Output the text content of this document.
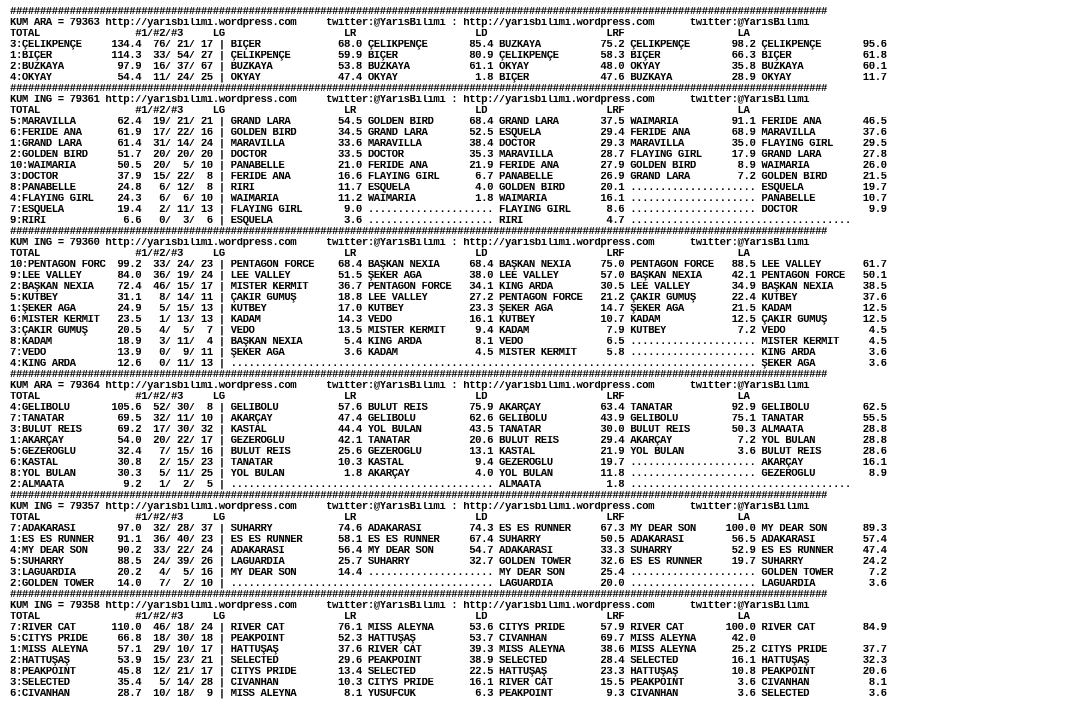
#########################################################################################################################################
KUM ARA = 79363 http://yarisbilimi.wordpress.com     twitter:@YarisBilimi : http://yarisbilimi.wordpress.com      twitter:@YarisBilimi
TOTAL                #1/#2/#3     LG                    LR                    LD                    LRF                   LA
3:ÇELİKPENÇE     134.4  76/ 21/ 17 | BIÇER             68.0 ÇELİKPENÇE       85.4 BUZKAYA          75.2 ÇELİKPENÇE       98.2 ÇELİKPENÇE       95.6
1:BIÇER          114.3  33/ 54/ 27 | ÇELİKPENÇE        59.9 BIÇER            80.9 ÇELİKPENÇE       58.3 BIÇER            66.3 BIÇER            61.8
2:BUZKAYA         97.9  16/ 37/ 67 | BUZKAYA           53.8 BUZKAYA          61.1 OKYAY            48.0 OKYAY            35.8 BUZKAYA          60.1
4:OKYAY           54.4  11/ 24/ 25 | OKYAY             47.4 OKYAY             1.8 BIÇER            47.6 BUZKAYA          28.9 OKYAY            11.7
#########################################################################################################################################
KUM ING = 79361 http://yarisbilimi.wordpress.com     twitter:@YarisBilimi : http://yarisbilimi.wordpress.com      twitter:@YarisBilimi
TOTAL                #1/#2/#3     LG                    LR                    LD                    LRF                   LA
5:MARAVILLA       62.4  19/ 21/ 21 | GRAND LARA        54.5 GOLDEN BIRD      68.4 GRAND LARA       37.5 WAIMARIA         91.1 FERİDE ANA       46.5
6:FERİDE ANA      61.9  17/ 22/ 16 | GOLDEN BIRD       34.5 GRAND LARA       52.5 ESQUELA          29.4 FERİDE ANA       68.9 MARAVILLA        37.6
1:GRAND LARA      61.4  31/ 14/ 24 | MARAVILLA         33.6 MARAVILLA        38.4 DOCTOR           29.3 MARAVILLA        35.0 FLAYING GIRL     29.5
2:GOLDEN BIRD     51.7  20/ 20/ 20 | DOCTOR            33.5 DOCTOR           35.3 MARAVILLA        28.7 FLAYING GIRL     17.9 GRAND LARA       27.8
10:WAIMARIA       50.5  20/  5/ 10 | PANABELLE         21.0 FERİDE ANA       21.9 FERİDE ANA       27.9 GOLDEN BIRD       8.9 WAIMARIA         26.0
3:DOCTOR          37.9  15/ 22/  8 | FERİDE ANA        16.6 FLAYING GIRL      6.7 PANABELLE        26.9 GRAND LARA        7.2 GOLDEN BIRD      21.5
8:PANABELLE       24.8   6/ 12/  8 | RIRI              11.7 ESQUELA           4.0 GOLDEN BIRD      20.1 ..................... ESQUELA          19.7
4:FLAYING GIRL    24.3   6/  6/ 10 | WAIMARIA          11.2 WAIMARIA          1.8 WAIMARIA         16.1 ..................... PANABELLE        10.7
7:ESQUELA         19.4   2/ 11/ 13 | FLAYING GIRL       9.0 ..................... FLAYING GIRL      8.6 ..................... DOCTOR            9.9
9:RIRI             6.6   0/  3/  6 | ESQUELA            3.6 ..................... RIRI              4.7 .....................................
#########################################################################################################################################
KUM ING = 79360 http://yarisbilimi.wordpress.com     twitter:@YarisBilimi : http://yarisbilimi.wordpress.com      twitter:@YarisBilimi
TOTAL                #1/#2/#3     LG                    LR                    LD                    LRF                   LA
10:PENTAGON FORC  99.2  33/ 24/ 23 | PENTAGON FORCE    68.4 BAŞKAN NEXIA     68.4 BAŞKAN NEXIA     75.0 PENTAGON FORCE   88.5 LEE VALLEY       61.7
9:LEE VALLEY      84.0  36/ 19/ 24 | LEE VALLEY        51.5 ŞEKER AĞA        38.0 LEE VALLEY       57.0 BAŞKAN NEXIA     42.1 PENTAGON FORCE   50.1
2:BAŞKAN NEXIA    72.4  46/ 15/ 17 | MISTER KERMİT     36.7 PENTAGON FORCE   34.1 KING ARDA        30.5 LEE VALLEY       34.9 BAŞKAN NEXIA     38.5
5:KUTBEY          31.1   8/ 14/ 11 | ÇAKIR GÜMÜŞ       18.8 LEE VALLEY       27.2 PENTAGON FORCE   21.2 ÇAKIR GÜMÜŞ      22.4 KUTBEY           37.6
1:ŞEKER AĞA       24.9   5/ 15/ 13 | KUTBEY            17.0 KUTBEY           23.3 ŞEKER AĞA        14.7 ŞEKER AĞA        21.5 KADAM            12.5
6:MISTER KERMİT   23.5   1/ 13/ 13 | KADAM             14.3 VEDO             16.1 KUTBEY           10.7 KADAM            12.5 ÇAKIR GÜMÜŞ      12.5
3:ÇAKIR GÜMÜŞ     20.5   4/  5/  7 | VEDO              13.5 MISTER KERMİT     9.4 KADAM             7.9 KUTBEY            7.2 VEDO              4.5
8:KADAM           18.9   3/ 11/  4 | BAŞKAN NEXIA       5.4 KING ARDA         8.1 VEDO              6.5 ..................... MISTER KERMİT     4.5
7:VEDO            13.9   0/  9/ 11 | ŞEKER AĞA          3.6 KADAM             4.5 MISTER KERMİT     5.8 ..................... KING ARDA         3.6
4:KING ARDA       12.6   0/ 11/ 13 | ........................................................................................ ŞEKER AĞA         3.6
#########################################################################################################################################
KUM ARA = 79364 http://yarisbilimi.wordpress.com     twitter:@YarisBilimi : http://yarisbilimi.wordpress.com      twitter:@YarisBilimi
TOTAL                #1/#2/#3     LG                    LR                    LD                    LRF                   LA
4:GELİBOLU       105.6  52/ 30/  8 | GELİBOLU          57.6 BULUT REİS       75.9 AKARÇAY          63.4 TANATAR          92.9 GELİBOLU         62.5
7:TANATAR         69.5  32/ 11/ 10 | AKARÇAY           47.4 GELİBOLU         62.6 GELİBOLU         43.9 GELİBOLU         75.1 TANATAR          55.5
3:BULUT REİS      69.2  17/ 30/ 32 | KASTAL            44.4 YOL BULAN        43.5 TANATAR          30.0 BULUT REİS       50.3 ALMAATA          28.8
1:AKARÇAY         54.0  20/ 22/ 17 | GEZEROĞLU         42.1 TANATAR          20.6 BULUT REİS       29.4 AKARÇAY           7.2 YOL BULAN        28.8
5:GEZEROĞLU       32.4   7/ 15/ 16 | BULUT REİS        25.6 GEZEROĞLU        13.1 KASTAL           21.9 YOL BULAN         3.6 BULUT REİS       28.6
6:KASTAL          30.8   2/ 15/ 23 | TANATAR           10.3 KASTAL            9.4 GEZEROĞLU        19.7 ..................... AKARÇAY          16.1
8:YOL BULAN       30.3   5/ 11/ 25 | YOL BULAN          1.8 AKARÇAY           4.0 YOL BULAN        11.8 ..................... GEZEROĞLU         8.9
2:ALMAATA          9.2   1/  2/  5 | ............................................ ALMAATA           1.8 .....................................
#########################################################################################################################################
KUM ING = 79357 http://yarisbilimi.wordpress.com     twitter:@YarisBilimi : http://yarisbilimi.wordpress.com      twitter:@YarisBilimi
TOTAL                #1/#2/#3     LG                    LR                    LD                    LRF                   LA
7:ADAKARASI       97.0  32/ 28/ 37 | SUHARRY           74.6 ADAKARASI        74.3 ES ES RUNNER     67.3 MY DEAR SON     100.0 MY DEAR SON      89.3
1:ES ES RUNNER    91.1  36/ 40/ 23 | ES ES RUNNER      58.1 ES ES RUNNER     67.4 SUHARRY          50.5 ADAKARASI        56.5 ADAKARASI        57.4
4:MY DEAR SON     90.2  33/ 22/ 24 | ADAKARASI         56.4 MY DEAR SON      54.7 ADAKARASI        33.3 SUHARRY          52.9 ES ES RUNNER     47.4
5:SUHARRY         88.5  24/ 39/ 26 | LAGUARDIA         25.7 SUHARRY          32.7 GOLDEN TOWER     32.6 ES ES RUNNER     19.7 SUHARRY          24.2
3:LAGUARDIA       20.2   4/  5/ 16 | MY DEAR SON       14.4 ..................... MY DEAR SON      25.4 ..................... GOLDEN TOWER      7.2
2:GOLDEN TOWER    14.0   7/  2/ 10 | ............................................ LAGUARDIA        20.0 ..................... LAGUARDIA         3.6
#########################################################################################################################################
KUM ING = 79358 http://yarisbilimi.wordpress.com     twitter:@YarisBilimi : http://yarisbilimi.wordpress.com      twitter:@YarisBilimi
TOTAL                #1/#2/#3     LG                    LR                    LD                    LRF                   LA
7:RIVER CAT      110.0  46/ 18/ 24 | RIVER CAT         76.1 MISS ALEYNA      53.6 CITYS PRIDE      57.9 RIVER CAT       100.0 RIVER CAT        84.9
5:CITYS PRIDE     66.8  18/ 30/ 18 | PEAKPOINT         52.3 HATTUŞAŞ         53.7 CIVANHAN         69.7 MISS ALEYNA      42.0
1:MISS ALEYNA     57.1  29/ 10/ 17 | HATTUŞAŞ          37.6 RIVER CAT        39.3 MISS ALEYNA      38.6 MISS ALEYNA      25.2 CITYS PRIDE      37.7
2:HATTUŞAŞ        53.9  15/ 23/ 21 | SELECTED          29.6 PEAKPOINT        38.9 SELECTED         28.4 SELECTED         16.1 HATTUŞAŞ         32.3
8:PEAKPOINT       45.8  12/ 21/ 17 | CITYS PRIDE       13.4 SELECTED         22.5 HATTUŞAŞ         23.3 HATTUŞAŞ         10.8 PEAKPOINT        20.6
3:SELECTED        35.4   5/ 14/ 28 | CIVANHAN          10.3 CITYS PRIDE      16.1 RIVER CAT        15.5 PEAKPOINT         3.6 CIVANHAN          8.1
6:CIVANHAN        28.7  10/ 18/  9 | MISS ALEYNA        8.1 YUSUFCUK          6.3 PEAKPOINT         9.3 CIVANHAN          3.6 SELECTED          3.6
